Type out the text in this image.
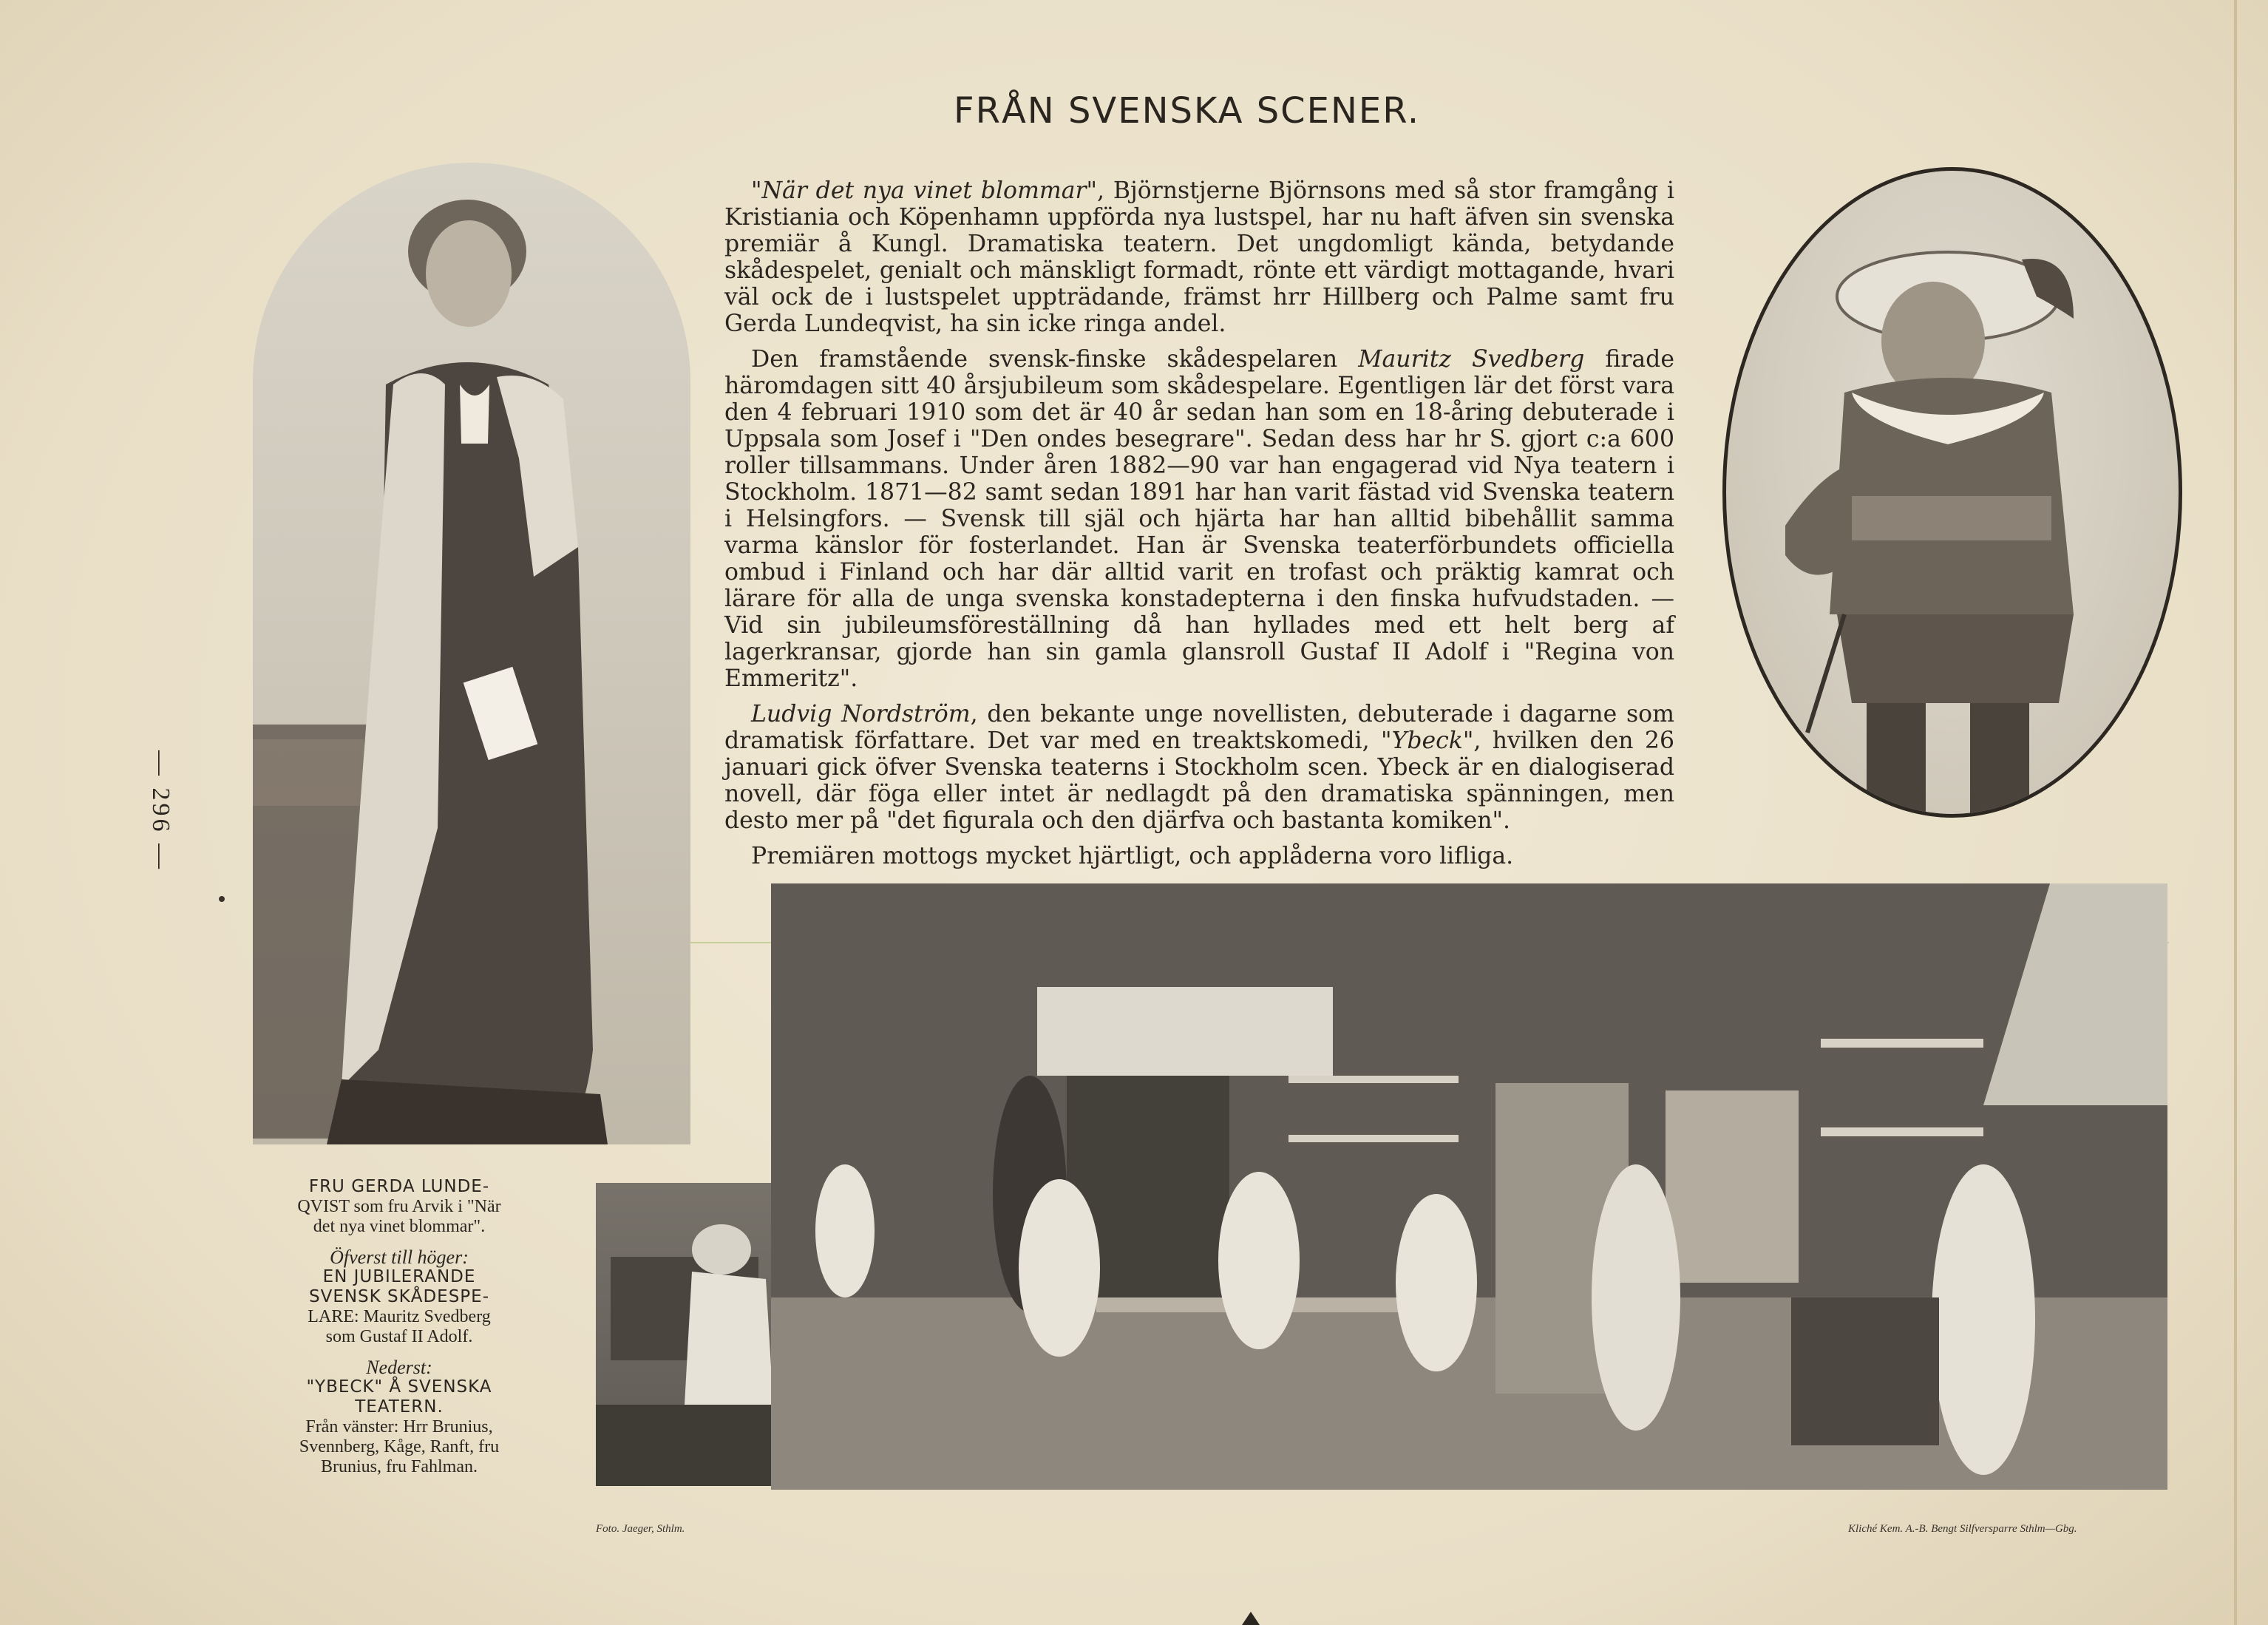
FRÅN SVENSKA SCENER.
— 296 —

"När det nya vinet blommar", Björnstjerne Björnsons med så stor framgång i Kristiania och Köpenhamn uppförda nya lustspel, har nu haft äfven sin svenska premiär å Kungl. Dramatiska teatern. Det ungdomligt kända, betydande skådespelet, genialt och mänskligt formadt, rönte ett värdigt mottagande, hvari väl ock de i lustspelet uppträdande, främst hrr Hillberg och Palme samt fru Gerda Lundeqvist, ha sin icke ringa andel.

Den framstående svensk-finske skådespelaren Mauritz Svedberg firade häromdagen sitt 40 årsjubileum som skådespelare. Egentligen lär det först vara den 4 februari 1910 som det är 40 år sedan han som en 18-åring debuterade i Uppsala som Josef i "Den ondes besegrare". Sedan dess har hr S. gjort c:a 600 roller tillsammans. Under åren 1882—90 var han engagerad vid Nya teatern i Stockholm. 1871—82 samt sedan 1891 har han varit fästad vid Svenska teatern i Helsingfors. — Svensk till själ och hjärta har han alltid bibehållit samma varma känslor för fosterlandet. Han är Svenska teaterförbundets officiella ombud i Finland och har där alltid varit en trofast och präktig kamrat och lärare för alla de unga svenska konstadepterna i den finska hufvudstaden. — Vid sin jubileumsföreställning då han hyllades med ett helt berg af lagerkransar, gjorde han sin gamla glansroll Gustaf II Adolf i "Regina von Emmeritz".

Ludvig Nordström, den bekante unge novellisten, debuterade i dagarne som dramatisk författare. Det var med en treaktskomedi, "Ybeck", hvilken den 26 januari gick öfver Svenska teaterns i Stockholm scen. Ybeck är en dialogiserad novell, där föga eller intet är nedlagdt på den dramatiska spänningen, men desto mer på "det figurala och den djärfva och bastanta komiken".

Premiären mottogs mycket hjärtligt, och applåderna voro lifliga.

FRU GERDA LUNDE-
QVIST som fru Arvik i "När
det nya vinet blommar".
Öfverst till höger:
EN JUBILERANDE
SVENSK SKÅDESPE-
LARE: Mauritz Svedberg
som Gustaf II Adolf.
Nederst:
"YBECK" Å SVENSKA
TEATERN.
Från vänster: Hrr Brunius,
Svennberg, Kåge, Ranft, fru
Brunius, fru Fahlman.
Foto. Jaeger, Sthlm.	Kliché Kem. A.-B. Bengt Silfversparre Sthlm—Gbg.
